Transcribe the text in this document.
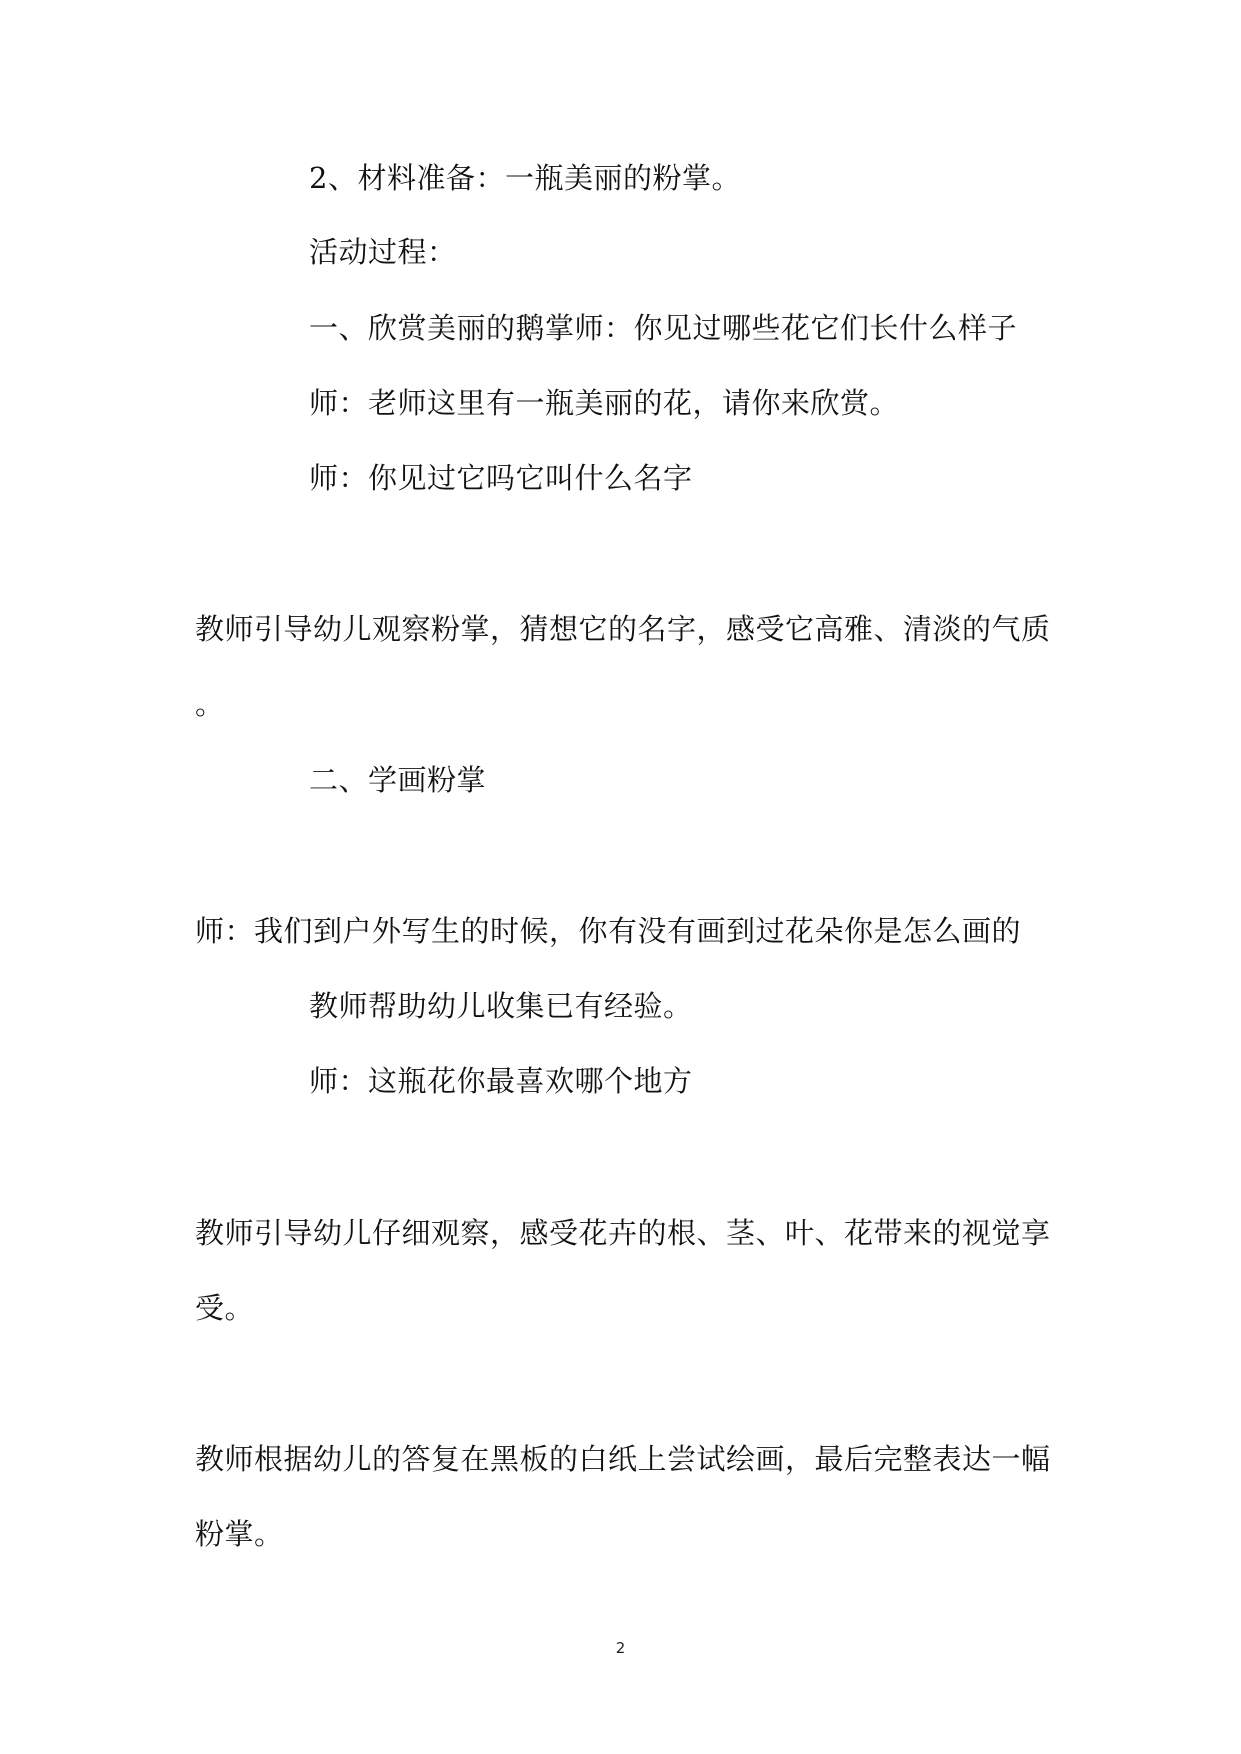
2、材料准备：一瓶美丽的粉掌。
活动过程：
一、欣赏美丽的鹅掌师：你见过哪些花它们长什么样子
师：老师这里有一瓶美丽的花，请你来欣赏。
师：你见过它吗它叫什么名字
教师引导幼儿观察粉掌，猜想它的名字，感受它高雅、清淡的气质
。
二、学画粉掌
师：我们到户外写生的时候，你有没有画到过花朵你是怎么画的
教师帮助幼儿收集已有经验。
师：这瓶花你最喜欢哪个地方
教师引导幼儿仔细观察，感受花卉的根、茎、叶、花带来的视觉享
受。
教师根据幼儿的答复在黑板的白纸上尝试绘画，最后完整表达一幅
粉掌。
2
